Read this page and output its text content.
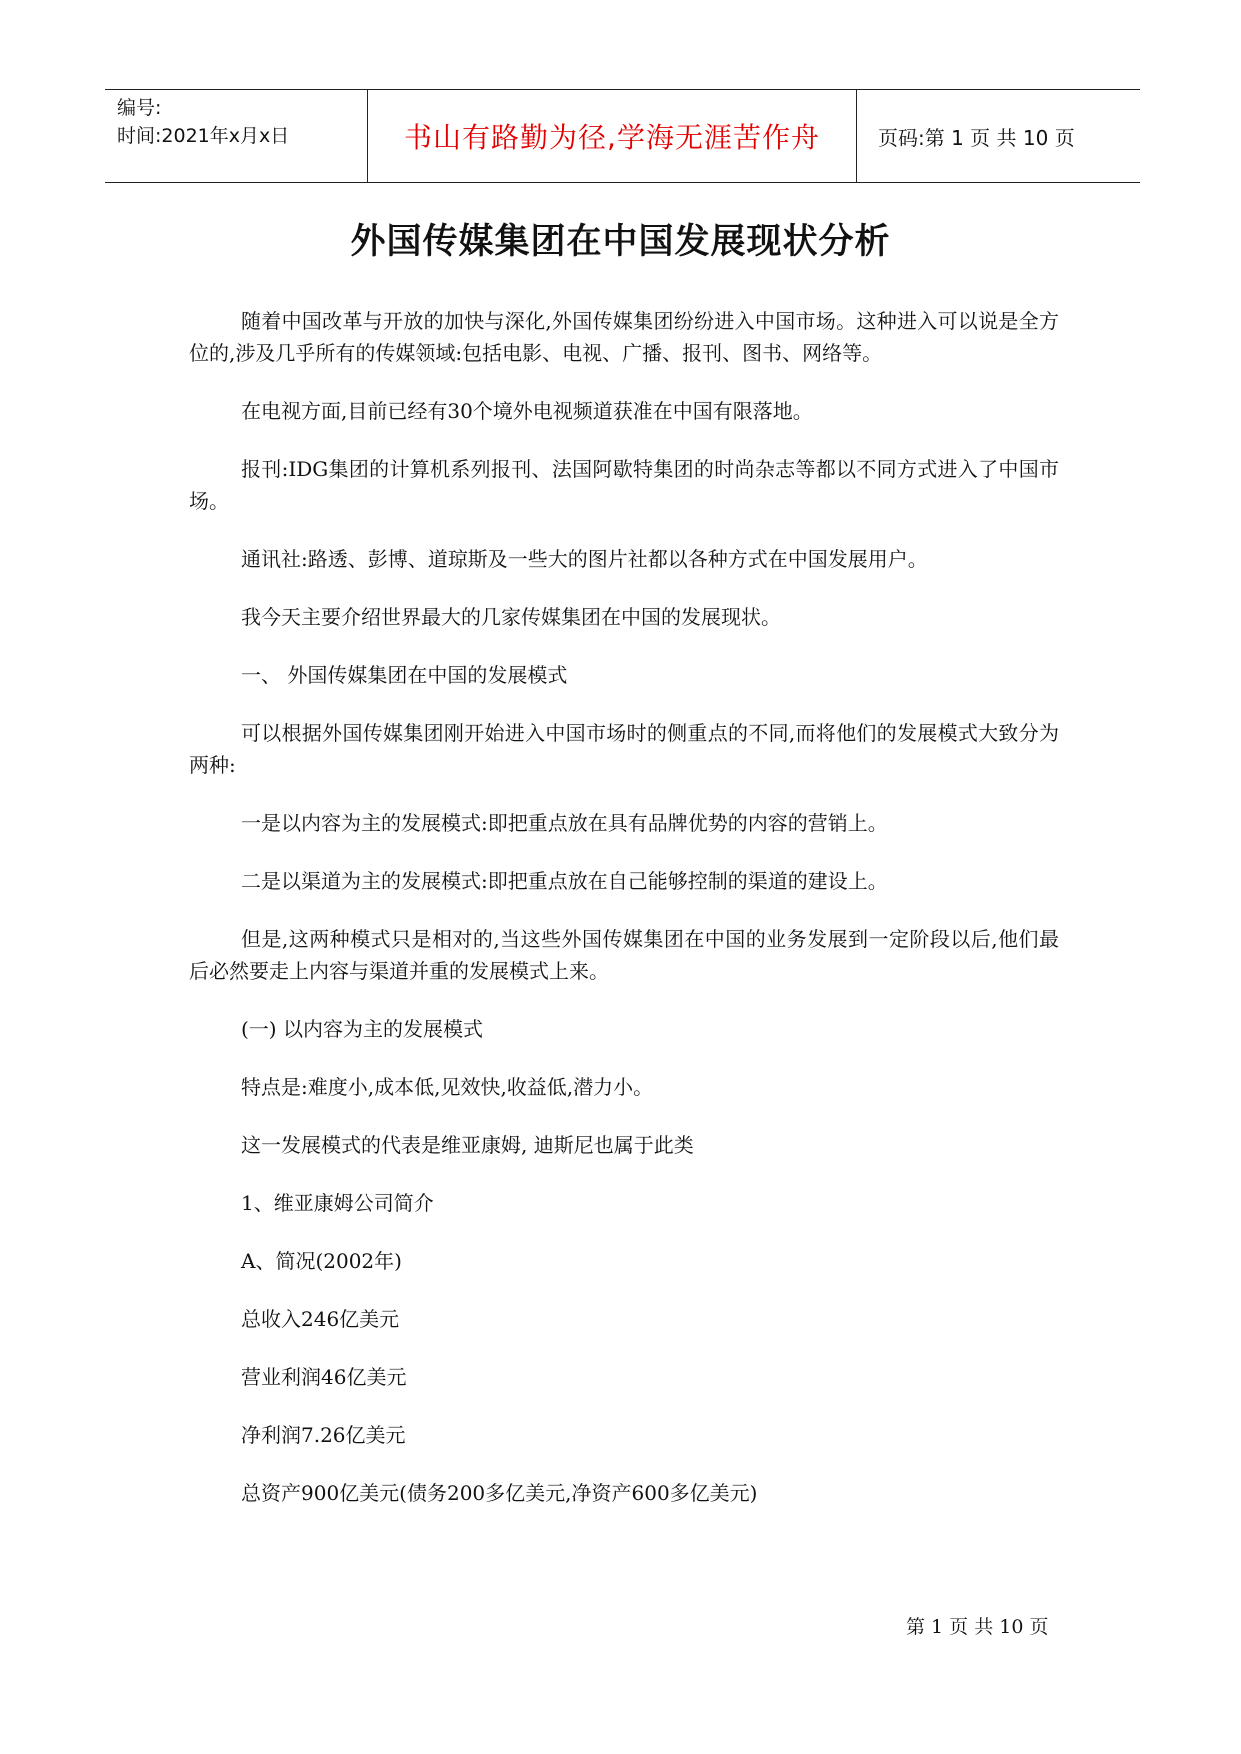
编号:
时间:2021年x月x日	书山有路勤为径,学海无涯苦作舟	页码:第 1 页 共 10 页
外国传媒集团在中国发展现状分析

随着中国改革与开放的加快与深化,外国传媒集团纷纷进入中国市场。这种进入可以说是全方位的,涉及几乎所有的传媒领域:包括电影、电视、广播、报刊、图书、网络等。

在电视方面,目前已经有30个境外电视频道获准在中国有限落地。

报刊:IDG集团的计算机系列报刊、法国阿歇特集团的时尚杂志等都以不同方式进入了中国市场。

通讯社:路透、彭博、道琼斯及一些大的图片社都以各种方式在中国发展用户。

我今天主要介绍世界最大的几家传媒集团在中国的发展现状。

一、 外国传媒集团在中国的发展模式

可以根据外国传媒集团刚开始进入中国市场时的侧重点的不同,而将他们的发展模式大致分为两种:

一是以内容为主的发展模式:即把重点放在具有品牌优势的内容的营销上。

二是以渠道为主的发展模式:即把重点放在自己能够控制的渠道的建设上。

但是,这两种模式只是相对的,当这些外国传媒集团在中国的业务发展到一定阶段以后,他们最后必然要走上内容与渠道并重的发展模式上来。

(一) 以内容为主的发展模式

特点是:难度小,成本低,见效快,收益低,潜力小。

这一发展模式的代表是维亚康姆, 迪斯尼也属于此类

1、维亚康姆公司简介

A、简况(2002年)

总收入246亿美元

营业利润46亿美元

净利润7.26亿美元

总资产900亿美元(债务200多亿美元,净资产600多亿美元)

第 1 页 共 10 页
